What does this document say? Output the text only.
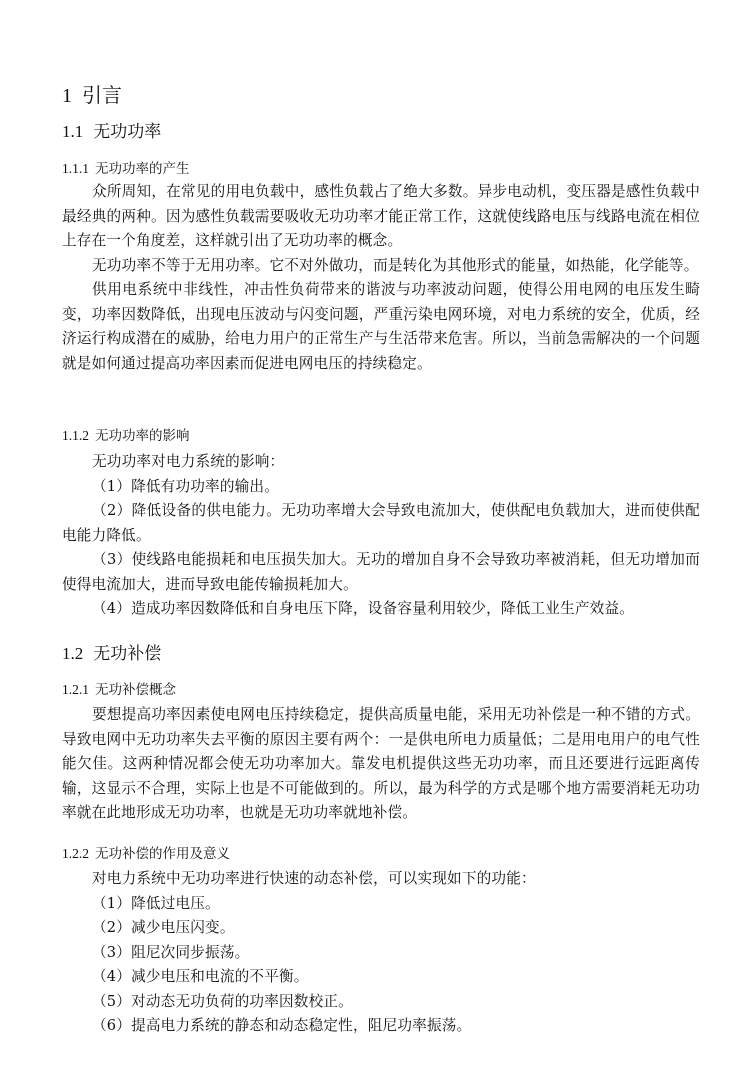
1 引言
1.1 无功功率
1.1.1 无功功率的产生
众所周知，在常见的用电负载中，感性负载占了绝大多数。异步电动机，变压器是感性负载中最经典的两种。因为感性负载需要吸收无功功率才能正常工作，这就使线路电压与线路电流在相位上存在一个角度差，这样就引出了无功功率的概念。
无功功率不等于无用功率。它不对外做功，而是转化为其他形式的能量，如热能，化学能等。
供用电系统中非线性，冲击性负荷带来的谐波与功率波动问题，使得公用电网的电压发生畸变，功率因数降低，出现电压波动与闪变问题，严重污染电网环境，对电力系统的安全，优质，经济运行构成潜在的威胁，给电力用户的正常生产与生活带来危害。所以，当前急需解决的一个问题就是如何通过提高功率因素而促进电网电压的持续稳定。
1.1.2 无功功率的影响
无功功率对电力系统的影响：
（1）降低有功功率的输出。
（2）降低设备的供电能力。无功功率增大会导致电流加大，使供配电负载加大，进而使供配电能力降低。
（3）使线路电能损耗和电压损失加大。无功的增加自身不会导致功率被消耗，但无功增加而使得电流加大，进而导致电能传输损耗加大。
（4）造成功率因数降低和自身电压下降，设备容量利用较少，降低工业生产效益。
1.2 无功补偿
1.2.1 无功补偿概念
要想提高功率因素使电网电压持续稳定，提供高质量电能，采用无功补偿是一种不错的方式。导致电网中无功功率失去平衡的原因主要有两个：一是供电所电力质量低；二是用电用户的电气性能欠佳。这两种情况都会使无功功率加大。靠发电机提供这些无功功率，而且还要进行远距离传输，这显示不合理，实际上也是不可能做到的。所以，最为科学的方式是哪个地方需要消耗无功功率就在此地形成无功功率，也就是无功功率就地补偿。
1.2.2 无功补偿的作用及意义
对电力系统中无功功率进行快速的动态补偿，可以实现如下的功能：
（1）降低过电压。
（2）减少电压闪变。
（3）阻尼次同步振荡。
（4）减少电压和电流的不平衡。
（5）对动态无功负荷的功率因数校正。
（6）提高电力系统的静态和动态稳定性，阻尼功率振荡。
